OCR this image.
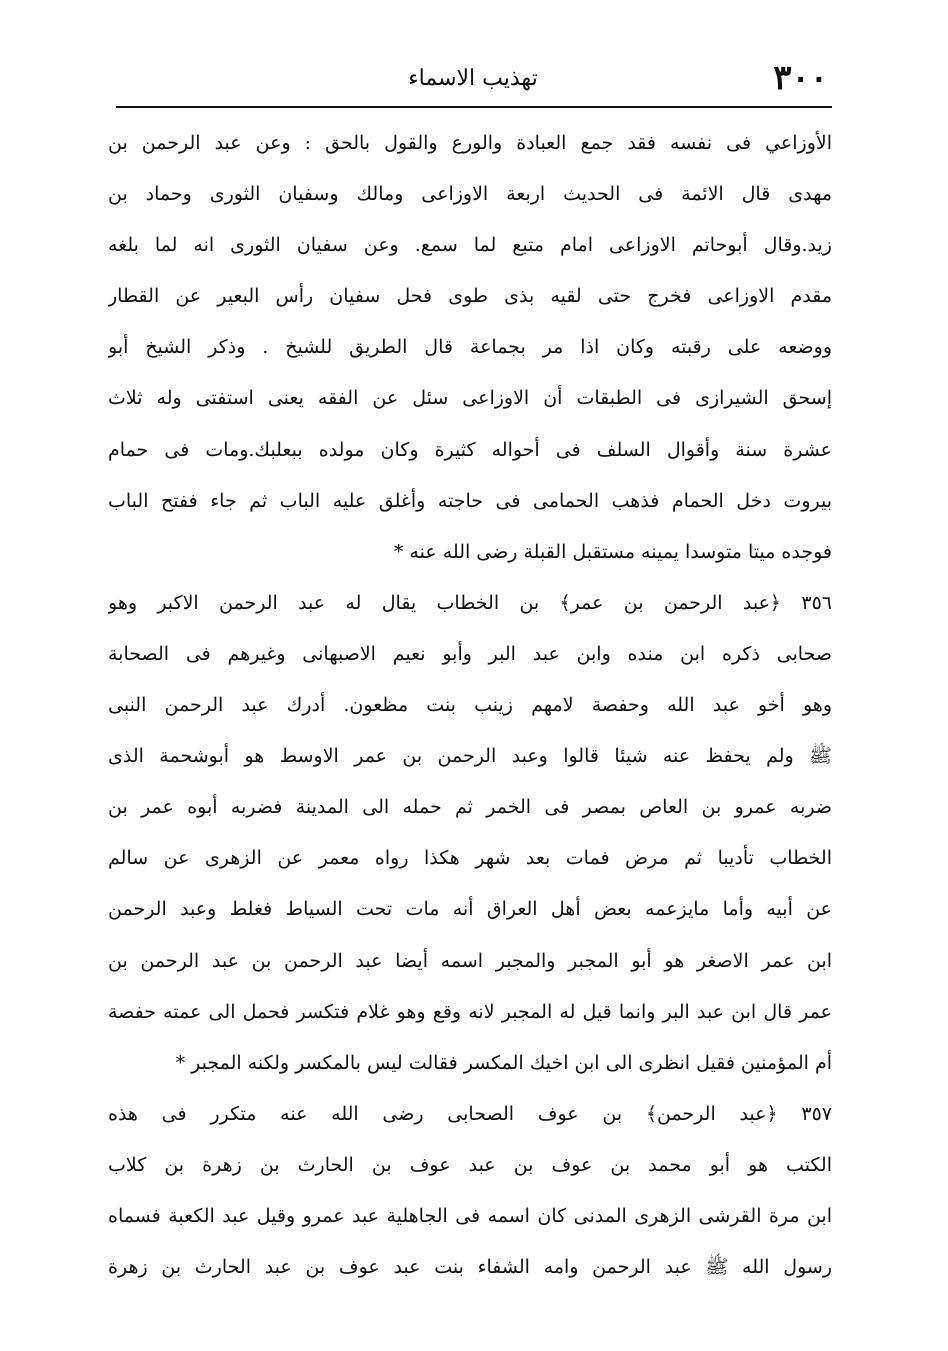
٣٠٠
تهذيب الاسماء
الأوزاعي فى نفسه فقد جمع العبادة والورع والقول بالحق : وعن عبد الرحمن بن
مهدى قال الائمة فى الحديث اربعة الاوزاعى ومالك وسفيان الثورى وحماد بن
زيد.وقال أبوحاتم الاوزاعى امام متبع لما سمع. وعن سفيان الثورى انه لما بلغه
مقدم الاوزاعى فخرج حتى لقيه بذى طوى فحل سفيان رأس البعير عن القطار
ووضعه على رقبته وكان اذا مر بجماعة قال الطريق للشيخ . وذكر الشيخ أبو
إسحق الشيرازى فى الطبقات أن الاوزاعى سئل عن الفقه يعنى استفتى وله ثلاث
عشرة سنة وأقوال السلف فى أحواله كثيرة وكان مولده ببعلبك.ومات فى حمام
بيروت دخل الحمام فذهب الحمامى فى حاجته وأغلق عليه الباب ثم جاء ففتح الباب
فوجده ميتا متوسدا يمينه مستقبل القبلة رضى الله عنه *
٣٥٦ ﴿عبد الرحمن بن عمر﴾ بن الخطاب يقال له عبد الرحمن الاكبر وهو
صحابى ذكره ابن منده وابن عبد البر وأبو نعيم الاصبهانى وغيرهم فى الصحابة
وهو أخو عبد الله وحفصة لامهم زينب بنت مظعون. أدرك عبد الرحمن النبى
ﷺ ولم يحفظ عنه شيئا قالوا وعبد الرحمن بن عمر الاوسط هو أبوشحمة الذى
ضربه عمرو بن العاص بمصر فى الخمر ثم حمله الى المدينة فضربه أبوه عمر بن
الخطاب تأديبا ثم مرض فمات بعد شهر هكذا رواه معمر عن الزهرى عن سالم
عن أبيه وأما مايزعمه بعض أهل العراق أنه مات تحت السياط فغلط وعبد الرحمن
ابن عمر الاصغر هو أبو المجبر والمجبر اسمه أيضا عبد الرحمن بن عبد الرحمن بن
عمر قال ابن عبد البر وانما قيل له المجبر لانه وقع وهو غلام فتكسر فحمل الى عمته حفصة
أم المؤمنين فقيل انظرى الى ابن اخيك المكسر فقالت ليس بالمكسر ولكنه المجبر *
٣٥٧ ﴿عبد الرحمن﴾ بن عوف الصحابى رضى الله عنه متكرر فى هذه
الكتب هو أبو محمد بن عوف بن عبد عوف بن الحارث بن زهرة بن كلاب
ابن مرة القرشى الزهرى المدنى كان اسمه فى الجاهلية عبد عمرو وقيل عبد الكعبة فسماه
رسول الله ﷺ عبد الرحمن وامه الشفاء بنت عبد عوف بن عبد الحارث بن زهرة
